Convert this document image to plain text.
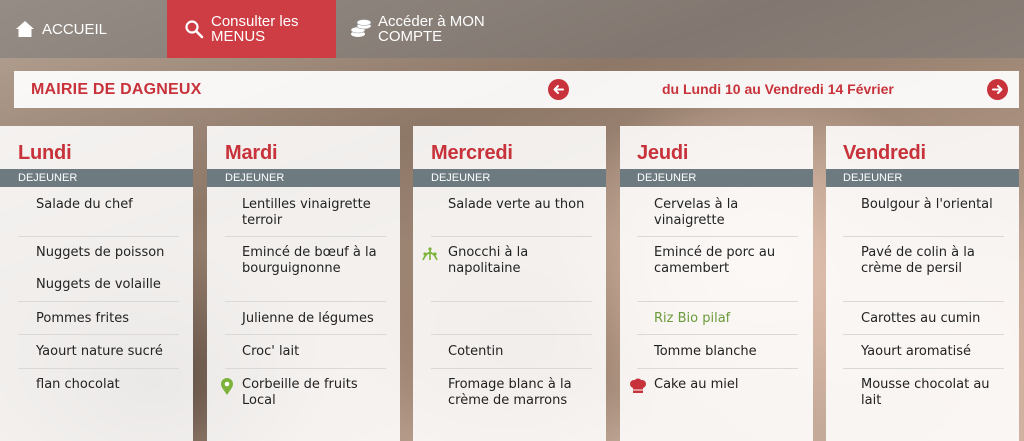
ACCUEIL	Consulter les
MENUS
Accéder à MON
COMPTE
MAIRIE DE DAGNEUX	du Lundi 10 au Vendredi 14 Février
Lundi
DEJEUNER
Salade du chef
Nuggets de poisson
Nuggets de volaille
Pommes frites
Yaourt nature sucré
flan chocolat
Mardi
DEJEUNER
Lentilles vinaigrette terroir
Emincé de bœuf à la bourguignonne
Julienne de légumes
Croc' lait
Corbeille de fruits Local
Mercredi
DEJEUNER
Salade verte au thon
Gnocchi à la napolitaine
Cotentin
Fromage blanc à la crème de marrons
Jeudi
DEJEUNER
Cervelas à la vinaigrette
Emincé de porc au camembert
Riz Bio pilaf
Tomme blanche
Cake au miel
Vendredi
DEJEUNER
Boulgour à l'oriental
Pavé de colin à la crème de persil
Carottes au cumin
Yaourt aromatisé
Mousse chocolat au lait
